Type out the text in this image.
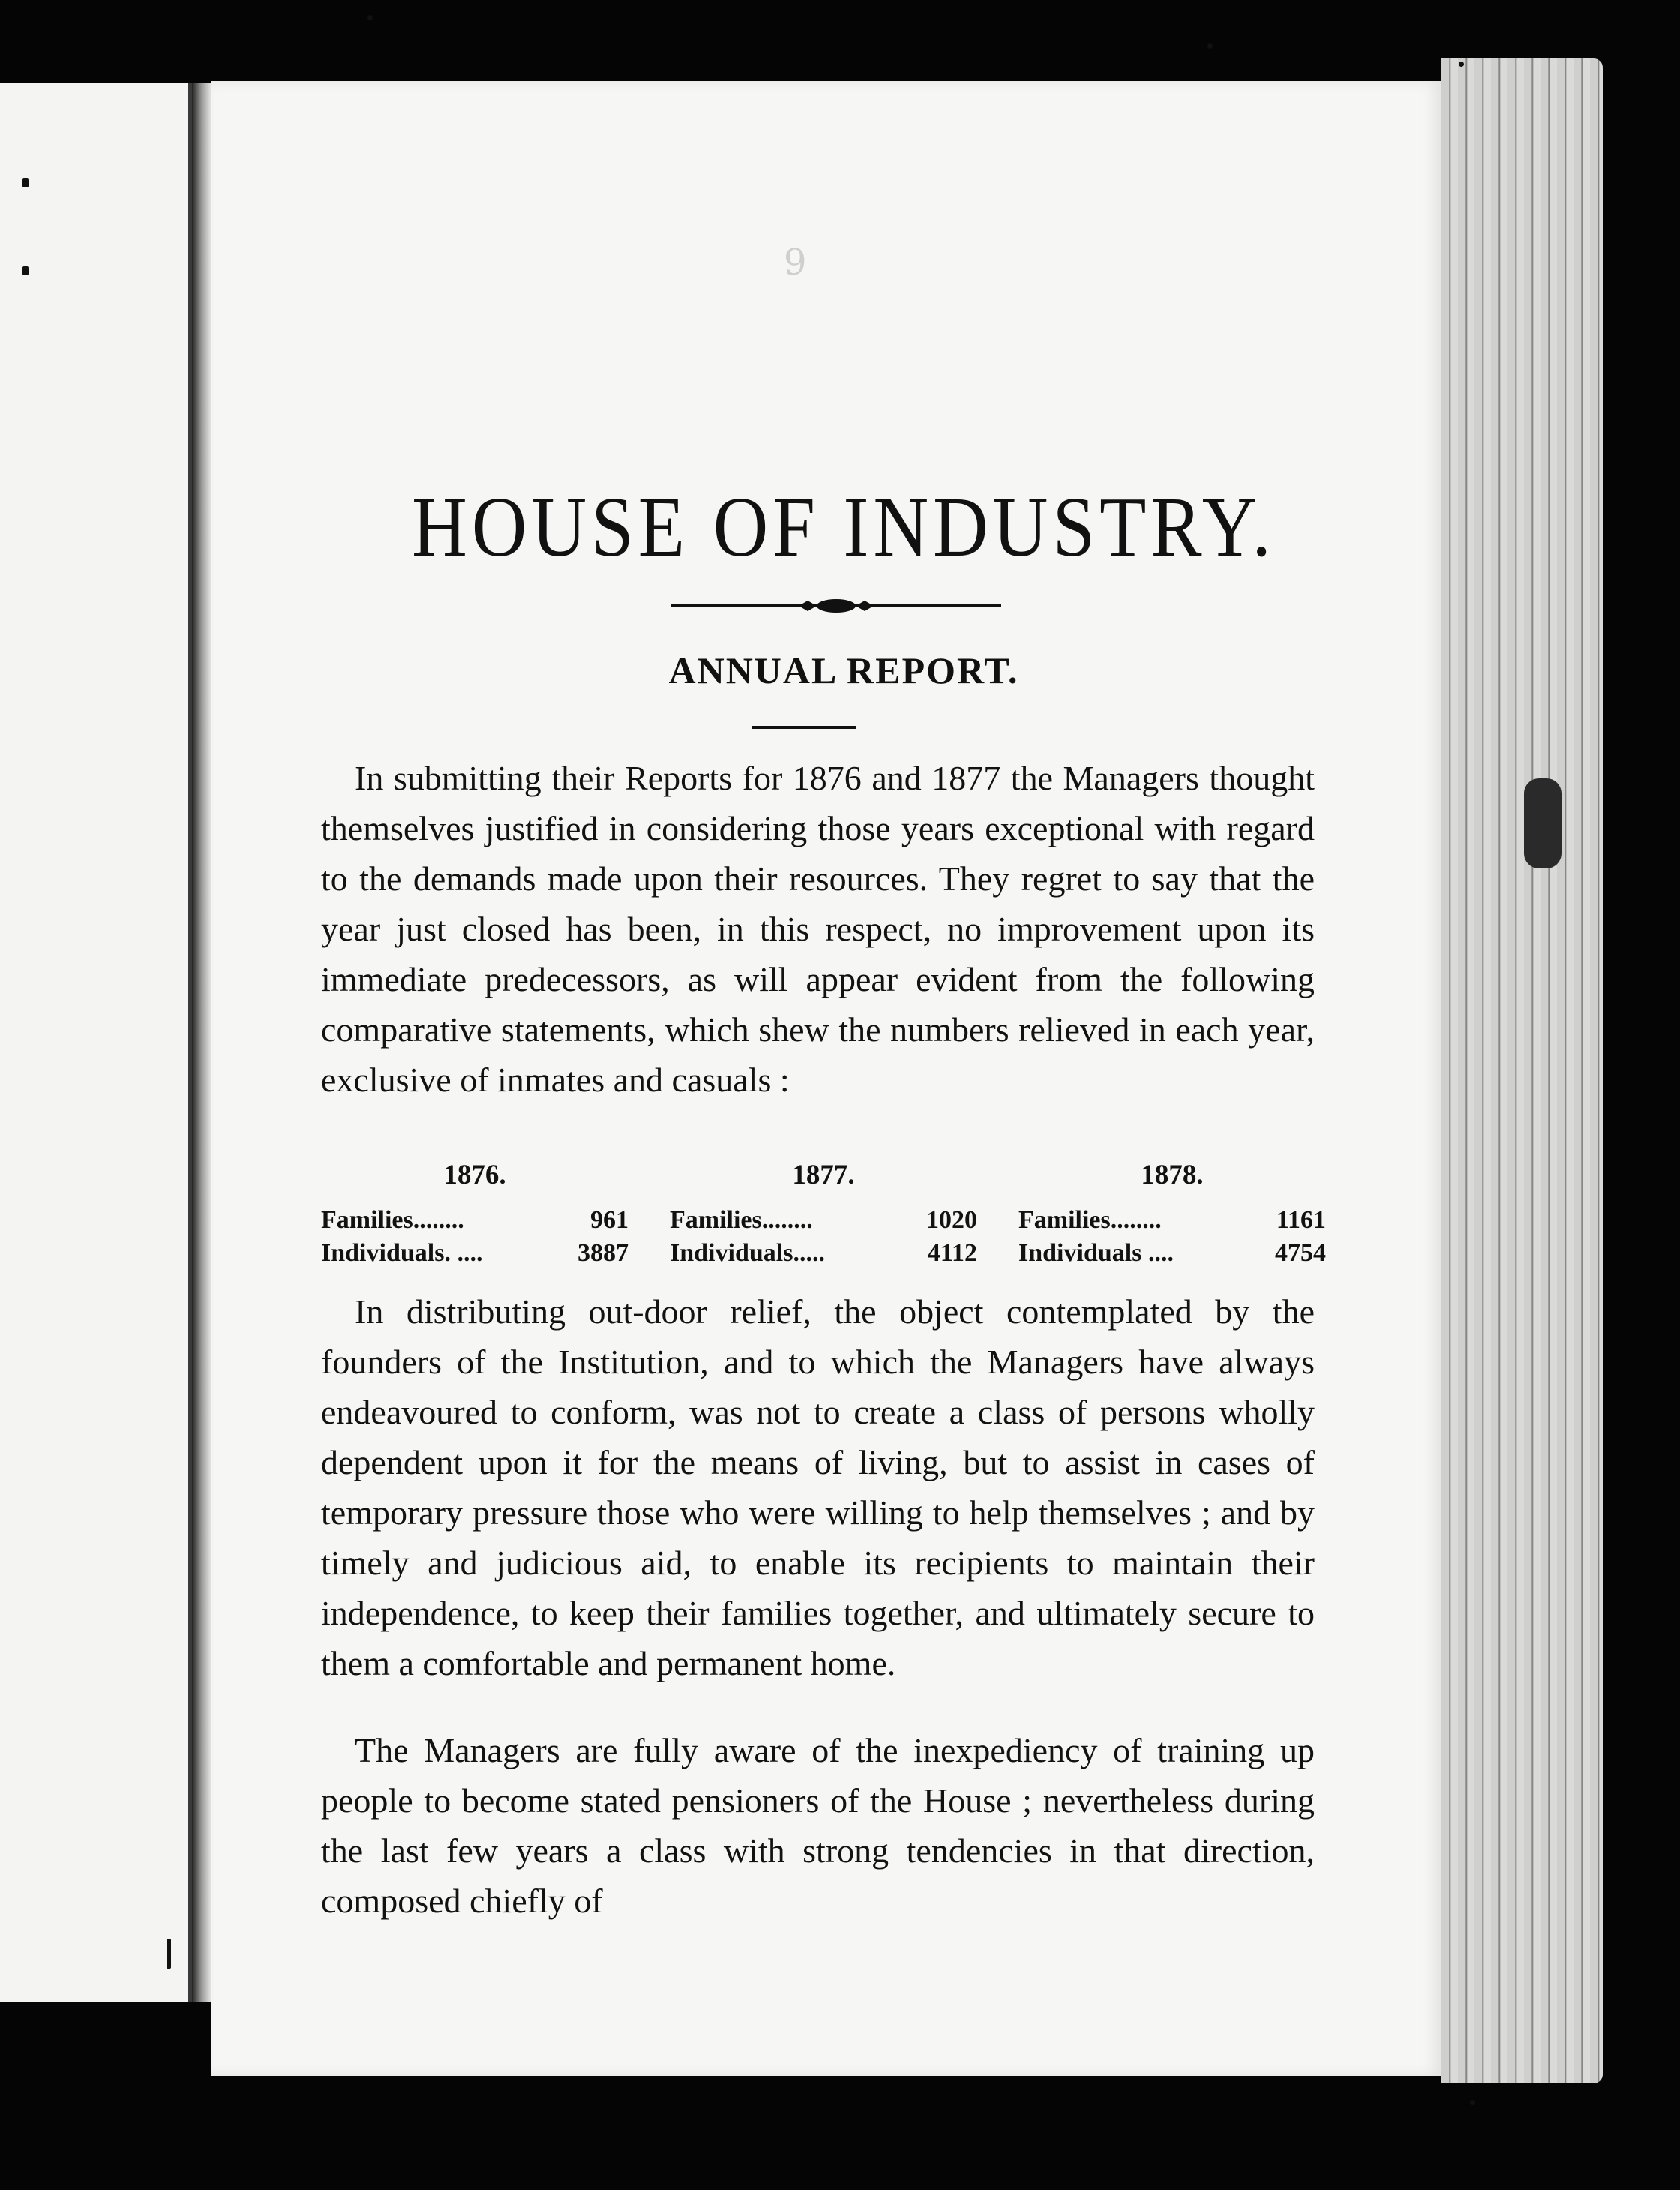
9
HOUSE OF INDUSTRY.
ANNUAL REPORT.

In submitting their Reports for 1876 and 1877 the Managers thought themselves justified in considering those years exceptional with regard to the demands made upon their resources. They regret to say that the year just closed has been, in this respect, no improvement upon its immediate predecessors, as will appear evident from the following comparative statements, which shew the numbers relieved in each year, exclusive of inmates and casuals :

1876.
Families........	961
Individuals. ....	3887
1877.
Families........	1020
Individuals.....	4112
1878.
Families........	1161
Individuals ....	4754

In distributing out-door relief, the object contemplated by the founders of the Institution, and to which the Managers have always endeavoured to conform, was not to create a class of persons wholly dependent upon it for the means of living, but to assist in cases of temporary pressure those who were willing to help themselves ; and by timely and judicious aid, to enable its recipients to maintain their independence, to keep their families together, and ultimately secure to them a comfortable and permanent home.

The Managers are fully aware of the inexpediency of training up people to become stated pensioners of the House ; nevertheless during the last few years a class with strong tendencies in that direction, composed chiefly of
